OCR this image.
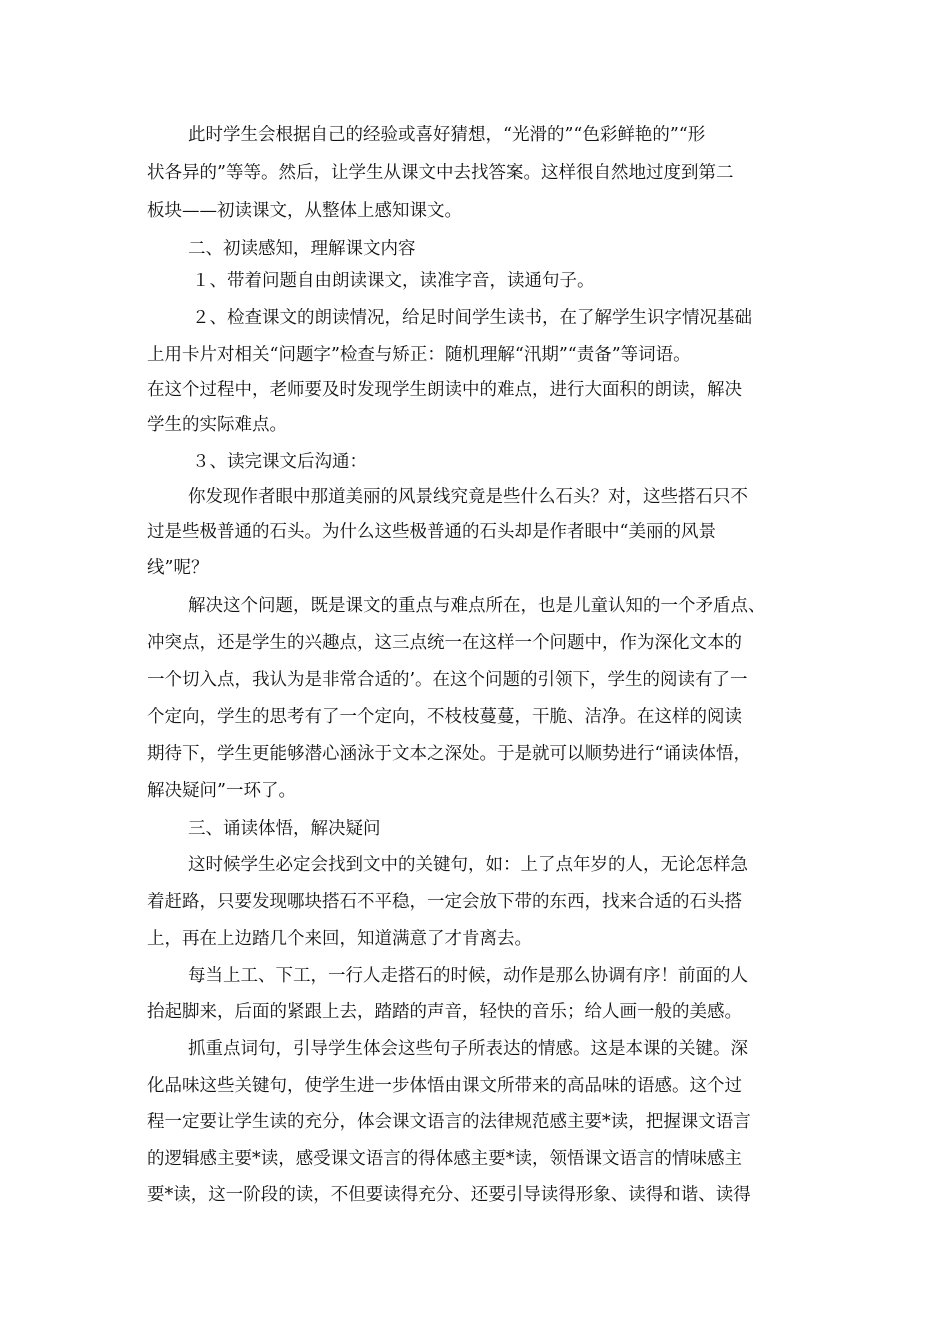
此时学生会根据自己的经验或喜好猜想，“光滑的”“色彩鲜艳的”“形
状各异的”等等。然后，让学生从课文中去找答案。这样很自然地过度到第二
板块——初读课文，从整体上感知课文。
二、初读感知，理解课文内容
１、带着问题自由朗读课文，读准字音，读通句子。
２、检查课文的朗读情况，给足时间学生读书，在了解学生识字情况基础
上用卡片对相关“问题字”检查与矫正：随机理解“汛期”“责备”等词语。
在这个过程中，老师要及时发现学生朗读中的难点，进行大面积的朗读，解决
学生的实际难点。
３、读完课文后沟通：
你发现作者眼中那道美丽的风景线究竟是些什么石头？对，这些搭石只不
过是些极普通的石头。为什么这些极普通的石头却是作者眼中“美丽的风景
线”呢？
解决这个问题，既是课文的重点与难点所在，也是儿童认知的一个矛盾点、
冲突点，还是学生的兴趣点，这三点统一在这样一个问题中，作为深化文本的
一个切入点，我认为是非常合适的’。在这个问题的引领下，学生的阅读有了一
个定向，学生的思考有了一个定向，不枝枝蔓蔓，干脆、洁净。在这样的阅读
期待下，学生更能够潜心涵泳于文本之深处。于是就可以顺势进行“诵读体悟，
解决疑问”一环了。
三、诵读体悟，解决疑问
这时候学生必定会找到文中的关键句，如：上了点年岁的人，无论怎样急
着赶路，只要发现哪块搭石不平稳，一定会放下带的东西，找来合适的石头搭
上，再在上边踏几个来回，知道满意了才肯离去。
每当上工、下工，一行人走搭石的时候，动作是那么协调有序！前面的人
抬起脚来，后面的紧跟上去，踏踏的声音，轻快的音乐；给人画一般的美感。
抓重点词句，引导学生体会这些句子所表达的情感。这是本课的关键。深
化品味这些关键句，使学生进一步体悟由课文所带来的高品味的语感。这个过
程一定要让学生读的充分，体会课文语言的法律规范感主要*读，把握课文语言
的逻辑感主要*读，感受课文语言的得体感主要*读，领悟课文语言的情味感主
要*读，这一阶段的读，不但要读得充分、还要引导读得形象、读得和谐、读得
